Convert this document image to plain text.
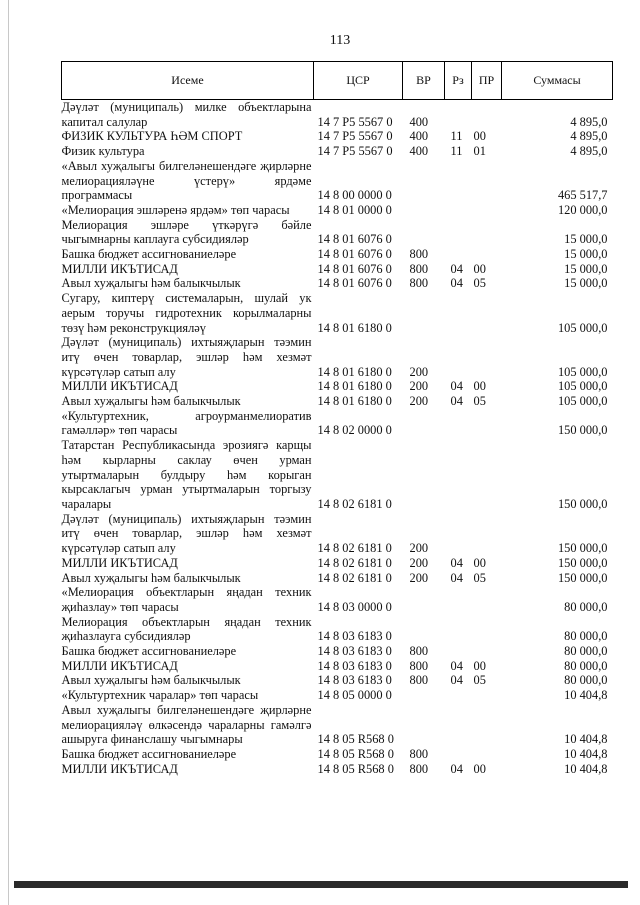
113
Исеме	ЦСР	ВР	Рз	ПР	Суммасы
Дәүләт (муниципаль) милке объектларына капитал салулар	14 7 P5 5567 0	400			4 895,0
ФИЗИК КУЛЬТУРА ҺӘМ СПОРТ	14 7 P5 5567 0	400	11	00	4 895,0
Физик культура	14 7 P5 5567 0	400	11	01	4 895,0
«Авыл хуҗалыгы билгеләнешендәге җирләрне мелиорацияләүне үстерү» ярдәме программасы	14 8 00 0000 0				465 517,7
«Мелиорация эшләренә ярдәм» төп чарасы	14 8 01 0000 0				120 000,0
Мелиорация эшләре үткәрүгә бәйле чыгымнарны каплауга субсидияләр	14 8 01 6076 0				15 000,0
Башка бюджет ассигнованиеләре	14 8 01 6076 0	800			15 000,0
МИЛЛИ ИКЪТИСАД	14 8 01 6076 0	800	04	00	15 000,0
Авыл хуҗалыгы һәм балыкчылык	14 8 01 6076 0	800	04	05	15 000,0
Сугару, киптерү системаларын, шулай ук аерым торучы гидротехник корылмаларны төзү һәм реконструкцияләү	14 8 01 6180 0				105 000,0
Дәүләт (муниципаль) ихтыяҗларын тәэмин итү өчен товарлар, эшләр һәм хезмәт күрсәтүләр сатып алу	14 8 01 6180 0	200			105 000,0
МИЛЛИ ИКЪТИСАД	14 8 01 6180 0	200	04	00	105 000,0
Авыл хуҗалыгы һәм балыкчылык	14 8 01 6180 0	200	04	05	105 000,0
«Культуртехник, агроурманмелиоратив гамәлләр» төп чарасы	14 8 02 0000 0				150 000,0
Татарстан Республикасында эрозиягә карщы һәм кырларны саклау өчен урман утыртмаларын булдыру һәм корыган кырсаклагыч урман утыртмаларын торгызу чаралары	14 8 02 6181 0				150 000,0
Дәүләт (муниципаль) ихтыяҗларын тәэмин итү өчен товарлар, эшләр һәм хезмәт күрсәтүләр сатып алу	14 8 02 6181 0	200			150 000,0
МИЛЛИ ИКЪТИСАД	14 8 02 6181 0	200	04	00	150 000,0
Авыл хуҗалыгы һәм балыкчылык	14 8 02 6181 0	200	04	05	150 000,0
«Мелиорация объектларын яңадан техник җиһазлау» төп чарасы	14 8 03 0000 0				80 000,0
Мелиорация объектларын яңадан техник җиһазлауга субсидияләр	14 8 03 6183 0				80 000,0
Башка бюджет ассигнованиеләре	14 8 03 6183 0	800			80 000,0
МИЛЛИ ИКЪТИСАД	14 8 03 6183 0	800	04	00	80 000,0
Авыл хуҗалыгы һәм балыкчылык	14 8 03 6183 0	800	04	05	80 000,0
«Культуртехник чаралар» төп чарасы	14 8 05 0000 0				10 404,8
Авыл хуҗалыгы билгеләнешендәге җирләрне мелиорацияләү өлкәсендә чараларны гамәлгә ашыруга финанслашу чыгымнары	14 8 05 R568 0				10 404,8
Башка бюджет ассигнованиеләре	14 8 05 R568 0	800			10 404,8
МИЛЛИ ИКЪТИСАД	14 8 05 R568 0	800	04	00	10 404,8
